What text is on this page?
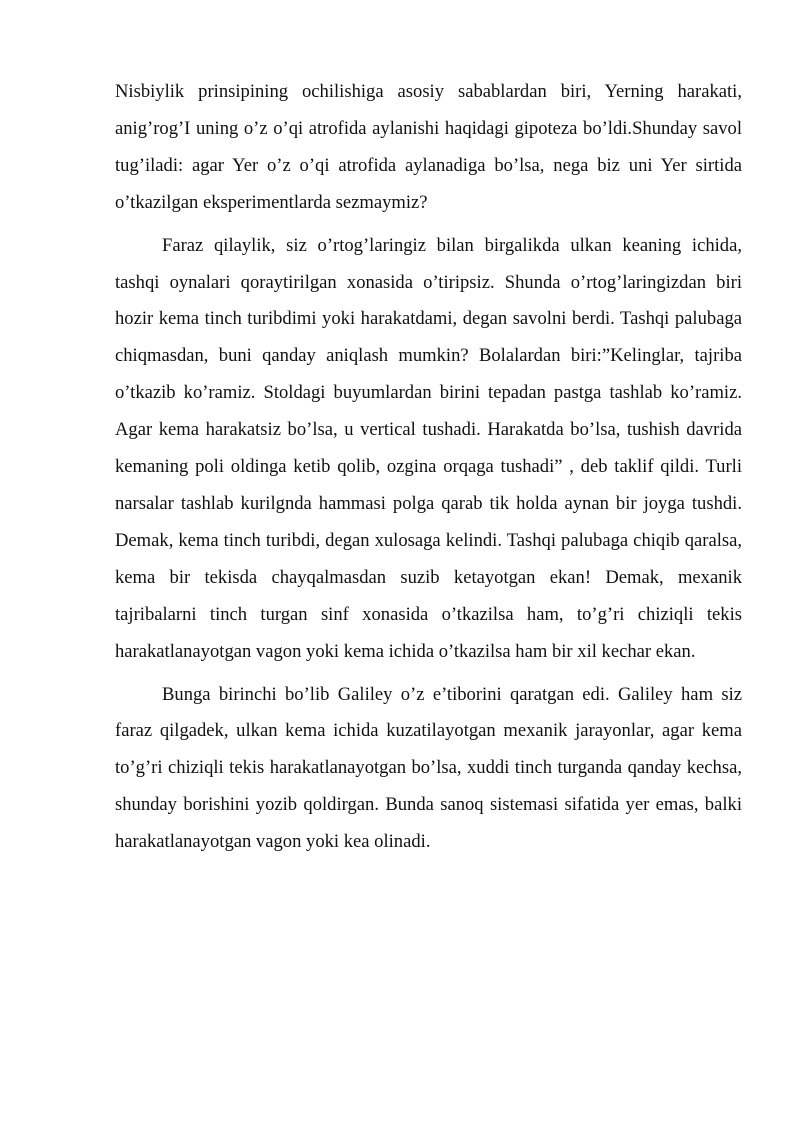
Nisbiylik prinsipining ochilishiga asosiy sabablardan biri, Yerning harakati, anig’rog’I uning o’z o’qi atrofida aylanishi haqidagi gipoteza bo’ldi.Shunday savol tug’iladi: agar Yer o’z o’qi atrofida aylanadiga bo’lsa, nega biz uni Yer sirtida o’tkazilgan eksperimentlarda sezmaymiz?

Faraz qilaylik, siz o’rtog’laringiz bilan birgalikda ulkan keaning ichida, tashqi oynalari qoraytirilgan xonasida o’tiripsiz. Shunda o’rtog’laringizdan biri hozir kema tinch turibdimi yoki harakatdami, degan savolni berdi. Tashqi palubaga chiqmasdan, buni qanday aniqlash mumkin? Bolalardan biri:”Kelinglar, tajriba o’tkazib ko’ramiz. Stoldagi buyumlardan birini tepadan pastga tashlab ko’ramiz. Agar kema harakatsiz bo’lsa, u vertical tushadi. Harakatda bo’lsa, tushish davrida kemaning poli oldinga ketib qolib, ozgina orqaga tushadi” , deb taklif qildi. Turli narsalar tashlab kurilgnda hammasi polga qarab tik holda aynan bir joyga tushdi. Demak, kema tinch turibdi, degan xulosaga kelindi. Tashqi palubaga chiqib qaralsa, kema bir tekisda chayqalmasdan suzib ketayotgan ekan! Demak, mexanik tajribalarni tinch turgan sinf xonasida o’tkazilsa ham, to’g’ri chiziqli tekis harakatlanayotgan vagon yoki kema ichida o’tkazilsa ham bir xil kechar ekan.

Bunga birinchi bo’lib Galiley o’z e’tiborini qaratgan edi. Galiley ham siz faraz qilgadek, ulkan kema ichida kuzatilayotgan mexanik jarayonlar, agar kema to’g’ri chiziqli tekis harakatlanayotgan bo’lsa, xuddi tinch turganda qanday kechsa, shunday borishini yozib qoldirgan. Bunda sanoq sistemasi sifatida yer emas, balki harakatlanayotgan vagon yoki kea olinadi.
